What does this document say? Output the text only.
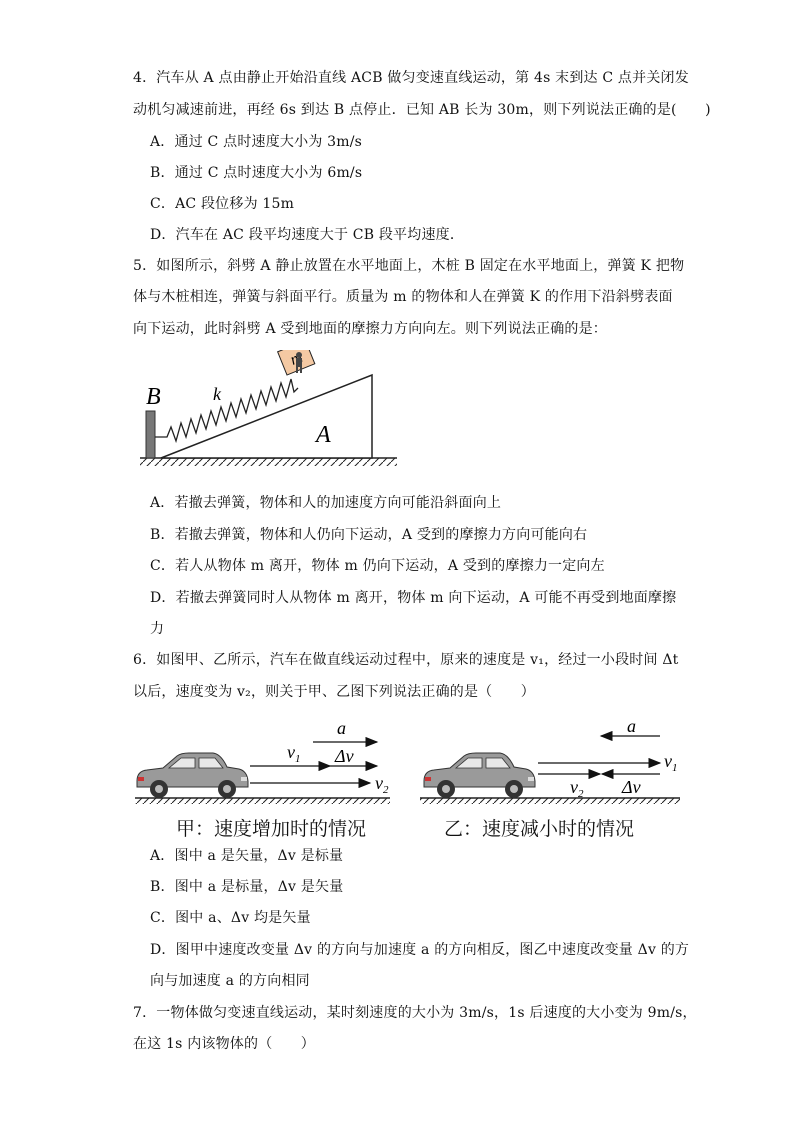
4．汽车从 A 点由静止开始沿直线 ACB 做匀变速直线运动，第 4s 末到达 C 点并关闭发
动机匀减速前进，再经 6s 到达 B 点停止．已知 AB 长为 30m，则下列说法正确的是(　　)
A．通过 C 点时速度大小为 3m/s
B．通过 C 点时速度大小为 6m/s
C．AC 段位移为 15m
D．汽车在 AC 段平均速度大于 CB 段平均速度．
5．如图所示，斜劈 A 静止放置在水平地面上，木桩 B 固定在水平地面上，弹簧 K 把物
体与木桩相连，弹簧与斜面平行。质量为 m 的物体和人在弹簧 K 的作用下沿斜劈表面
向下运动，此时斜劈 A 受到地面的摩擦力方向向左。则下列说法正确的是：
B
A
k
A．若撤去弹簧，物体和人的加速度方向可能沿斜面向上
B．若撤去弹簧，物体和人仍向下运动，A 受到的摩擦力方向可能向右
C．若人从物体 m 离开，物体 m 仍向下运动，A 受到的摩擦力一定向左
D．若撤去弹簧同时人从物体 m 离开，物体 m 向下运动，A 可能不再受到地面摩擦
力
6．如图甲、乙所示，汽车在做直线运动过程中，原来的速度是 v₁，经过一小段时间 Δt
以后，速度变为 v₂，则关于甲、乙图下列说法正确的是（　　）
a
$v_1$ Δv
$v_2$
a
$v_1$
$v_2$ Δv
甲：速度增加时的情况	乙：速度减小时的情况
A．图中 a 是矢量，Δv 是标量
B．图中 a 是标量，Δv 是矢量
C．图中 a、Δv 均是矢量
D．图甲中速度改变量 Δv 的方向与加速度 a 的方向相反，图乙中速度改变量 Δv 的方
向与加速度 a 的方向相同
7．一物体做匀变速直线运动，某时刻速度的大小为 3m/s，1s 后速度的大小变为 9m/s，
在这 1s 内该物体的（　　）
